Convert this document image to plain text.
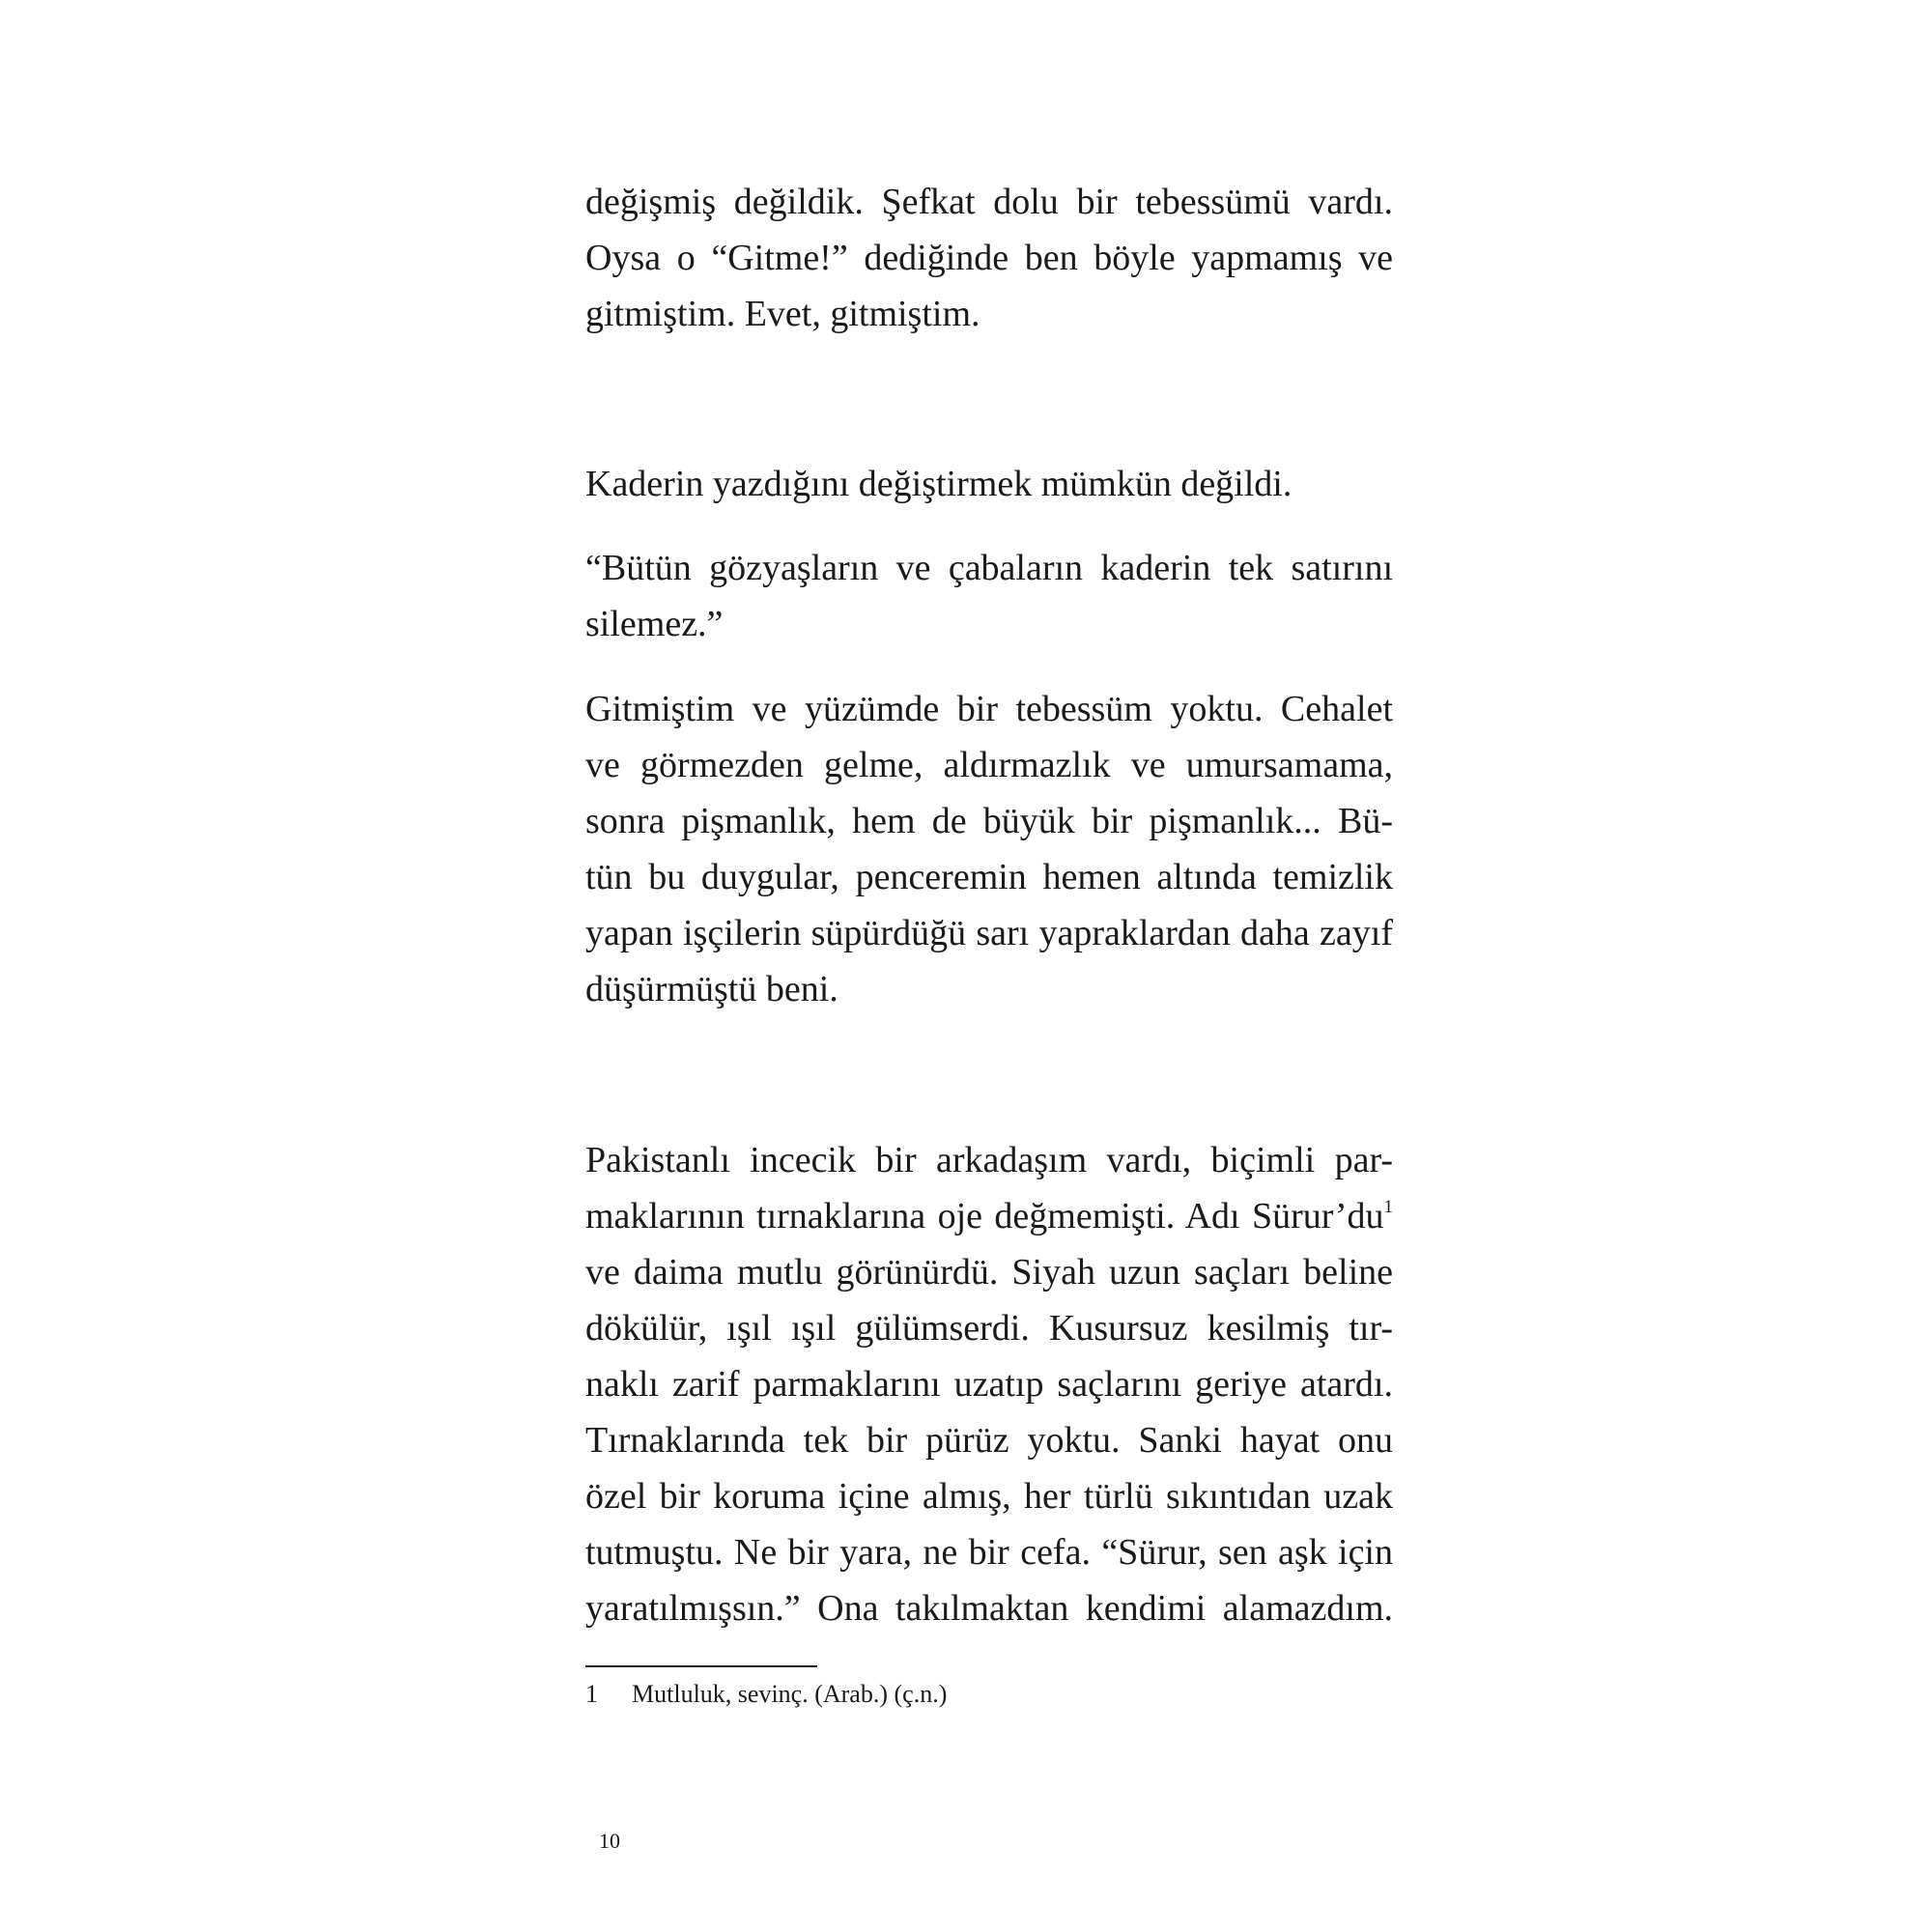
değişmiş değildik. Şefkat dolu bir tebessümü vardı.
Oysa o “Gitme!” dediğinde ben böyle yapmamış ve
gitmiştim. Evet, gitmiştim.
Kaderin yazdığını değiştirmek mümkün değildi.
“Bütün gözyaşların ve çabaların kaderin tek satırını
silemez.”
Gitmiştim ve yüzümde bir tebessüm yoktu. Cehalet
ve görmezden gelme, aldırmazlık ve umursamama,
sonra pişmanlık, hem de büyük bir pişmanlık... Bü-
tün bu duygular, penceremin hemen altında temizlik
yapan işçilerin süpürdüğü sarı yapraklardan daha zayıf
düşürmüştü beni.
Pakistanlı incecik bir arkadaşım vardı, biçimli par-
maklarının tırnaklarına oje değmemişti. Adı Sürur’du$^1$
ve daima mutlu görünürdü. Siyah uzun saçları beline
dökülür, ışıl ışıl gülümserdi. Kusursuz kesilmiş tır-
naklı zarif parmaklarını uzatıp saçlarını geriye atardı.
Tırnaklarında tek bir pürüz yoktu. Sanki hayat onu
özel bir koruma içine almış, her türlü sıkıntıdan uzak
tutmuştu. Ne bir yara, ne bir cefa. “Sürur, sen aşk için
yaratılmışsın.” Ona takılmaktan kendimi alamazdım.
1 Mutluluk, sevinç. (Arab.) (ç.n.)
10
